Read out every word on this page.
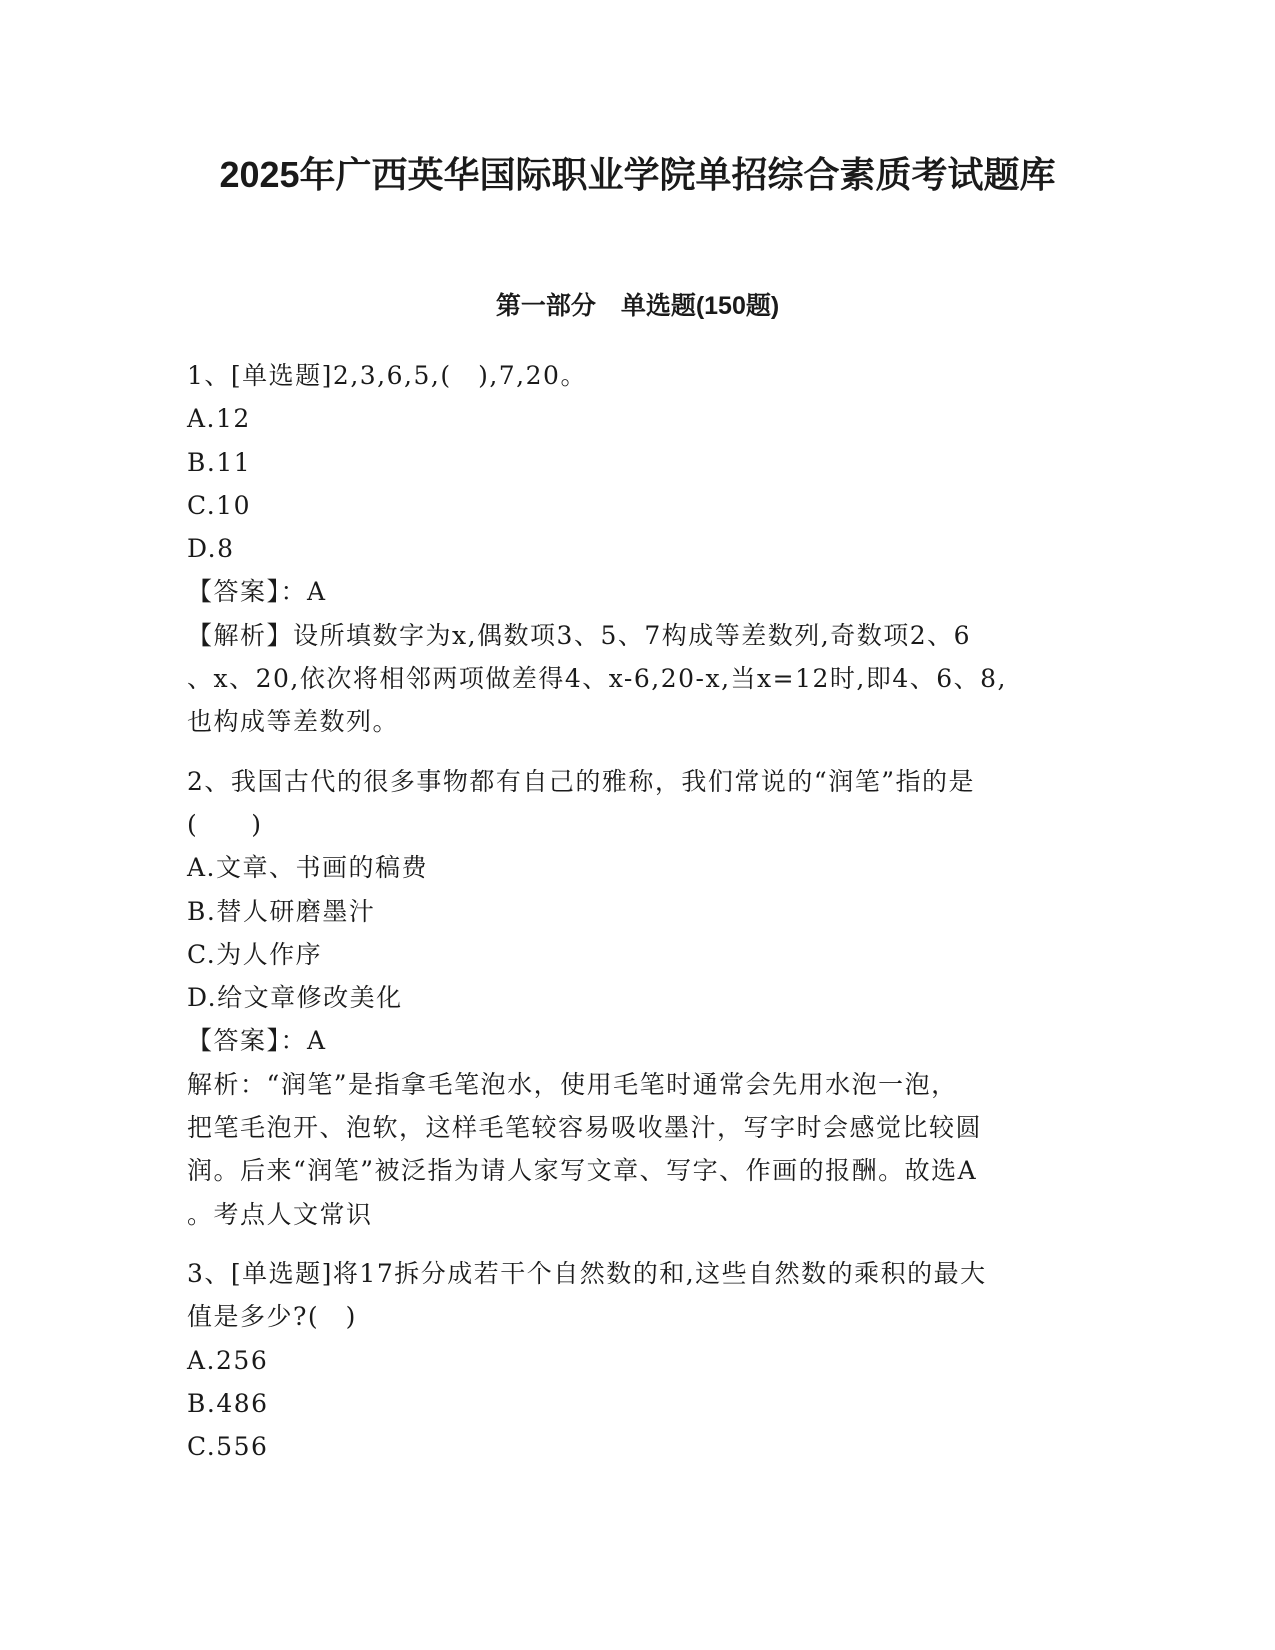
2025年广西英华国际职业学院单招综合素质考试题库
第一部分　单选题(150题)
1、[单选题]2,3,6,5,(　),7,20。
A.12
B.11
C.10
D.8
【答案】：A
【解析】设所填数字为x,偶数项3、5、7构成等差数列,奇数项2、6
、x、20,依次将相邻两项做差得4、x-6,20-x,当x=12时,即4、6、8,
也构成等差数列。
2、我国古代的很多事物都有自己的雅称，我们常说的“润笔”指的是
(　　)
A.文章、书画的稿费
B.替人研磨墨汁
C.为人作序
D.给文章修改美化
【答案】：A
解析：“润笔”是指拿毛笔泡水，使用毛笔时通常会先用水泡一泡，
把笔毛泡开、泡软，这样毛笔较容易吸收墨汁，写字时会感觉比较圆
润。后来“润笔”被泛指为请人家写文章、写字、作画的报酬。故选A
。考点人文常识
3、[单选题]将17拆分成若干个自然数的和,这些自然数的乘积的最大
值是多少?(　)
A.256
B.486
C.556
